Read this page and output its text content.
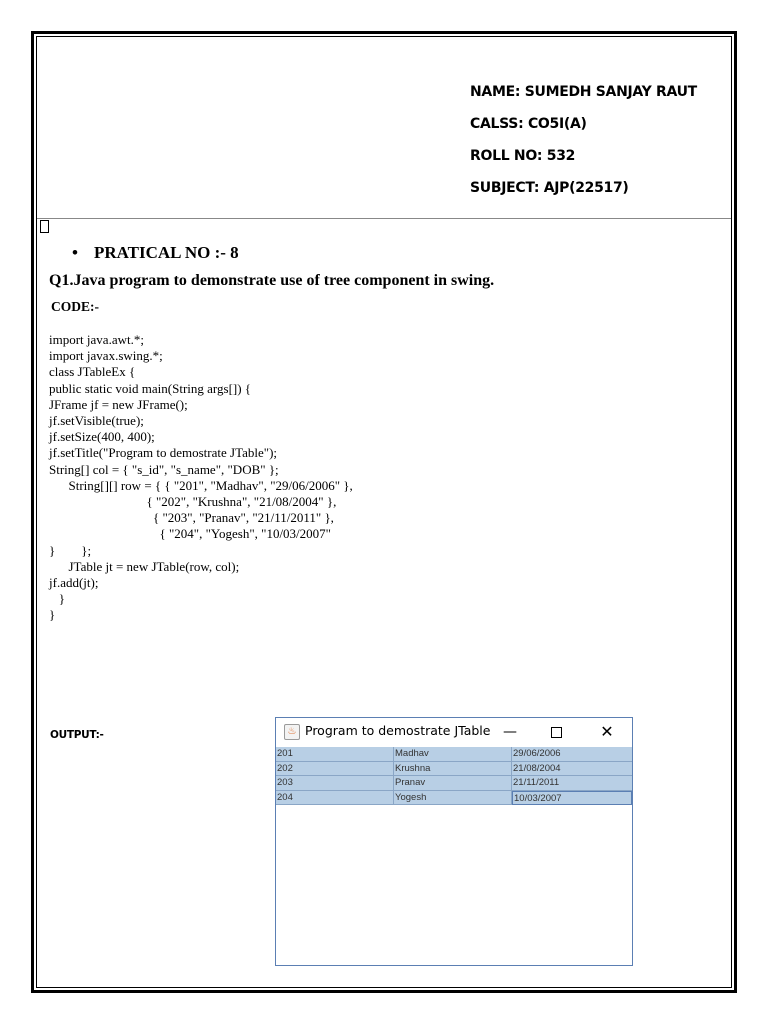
NAME: SUMEDH SANJAY RAUT
CALSS: CO5I(A)
ROLL NO: 532
SUBJECT: AJP(22517)
• PRATICAL NO :- 8
Q1.Java program to demonstrate use of tree component in swing.
CODE:-
import java.awt.*;
import javax.swing.*;
class JTableEx {
public static void main(String args[]) {
JFrame jf = new JFrame();
jf.setVisible(true);
jf.setSize(400, 400);
jf.setTitle("Program to demostrate JTable");
String[] col = { "s_id", "s_name", "DOB" };
String[][] row = { { "201", "Madhav", "29/06/2006" },
{ "202", "Krushna", "21/08/2004" },
{ "203", "Pranav", "21/11/2011" },
{ "204", "Yogesh", "10/03/2007"
}        };
JTable jt = new JTable(row, col);
jf.add(jt);
}
}
OUTPUT:-	♨ Program to demostrate JTable —	✕
201	Madhav	29/06/2006
202	Krushna	21/08/2004
203	Pranav	21/11/2011
204	Yogesh	10/03/2007
